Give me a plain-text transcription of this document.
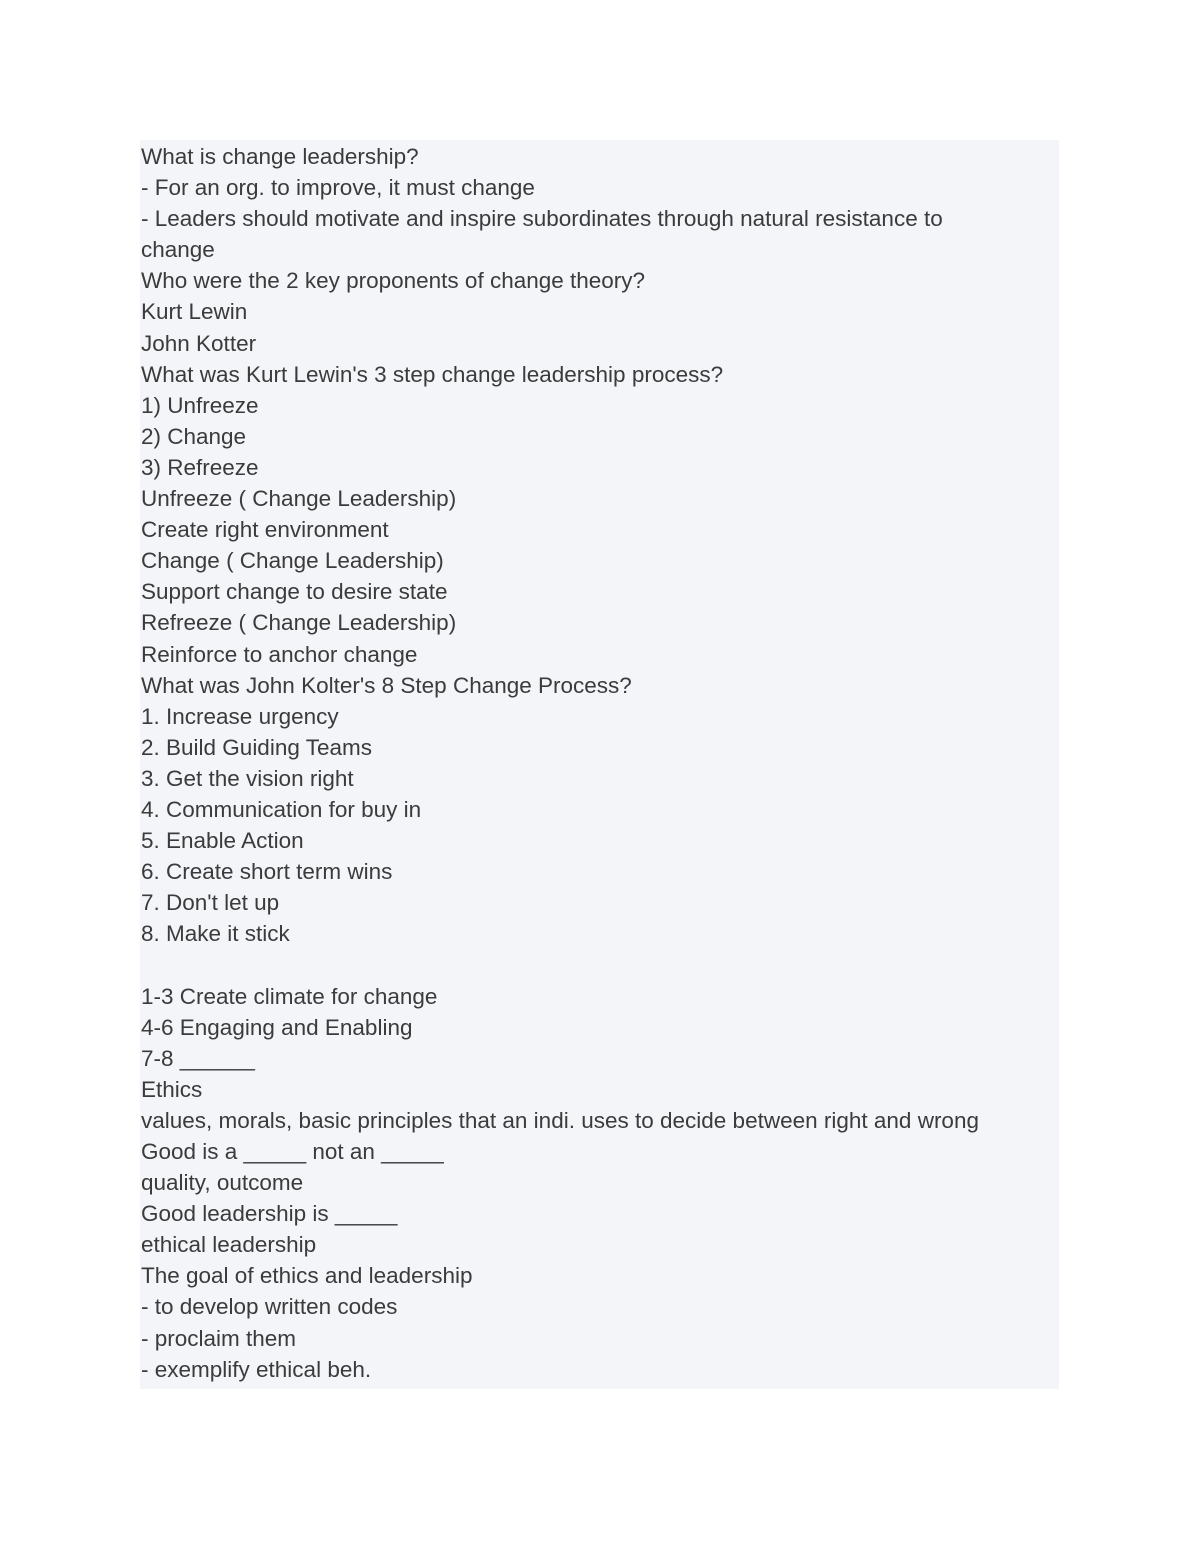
What is change leadership?
- For an org. to improve, it must change
- Leaders should motivate and inspire subordinates through natural resistance to
change
Who were the 2 key proponents of change theory?
Kurt Lewin
John Kotter
What was Kurt Lewin's 3 step change leadership process?
1) Unfreeze
2) Change
3) Refreeze
Unfreeze ( Change Leadership)
Create right environment
Change ( Change Leadership)
Support change to desire state
Refreeze ( Change Leadership)
Reinforce to anchor change
What was John Kolter's 8 Step Change Process?
1. Increase urgency
2. Build Guiding Teams
3. Get the vision right
4. Communication for buy in
5. Enable Action
6. Create short term wins
7. Don't let up
8. Make it stick
1-3 Create climate for change
4-6 Engaging and Enabling
7-8 ______
Ethics
values, morals, basic principles that an indi. uses to decide between right and wrong
Good is a _____ not an _____
quality, outcome
Good leadership is _____
ethical leadership
The goal of ethics and leadership
- to develop written codes
- proclaim them
- exemplify ethical beh.
